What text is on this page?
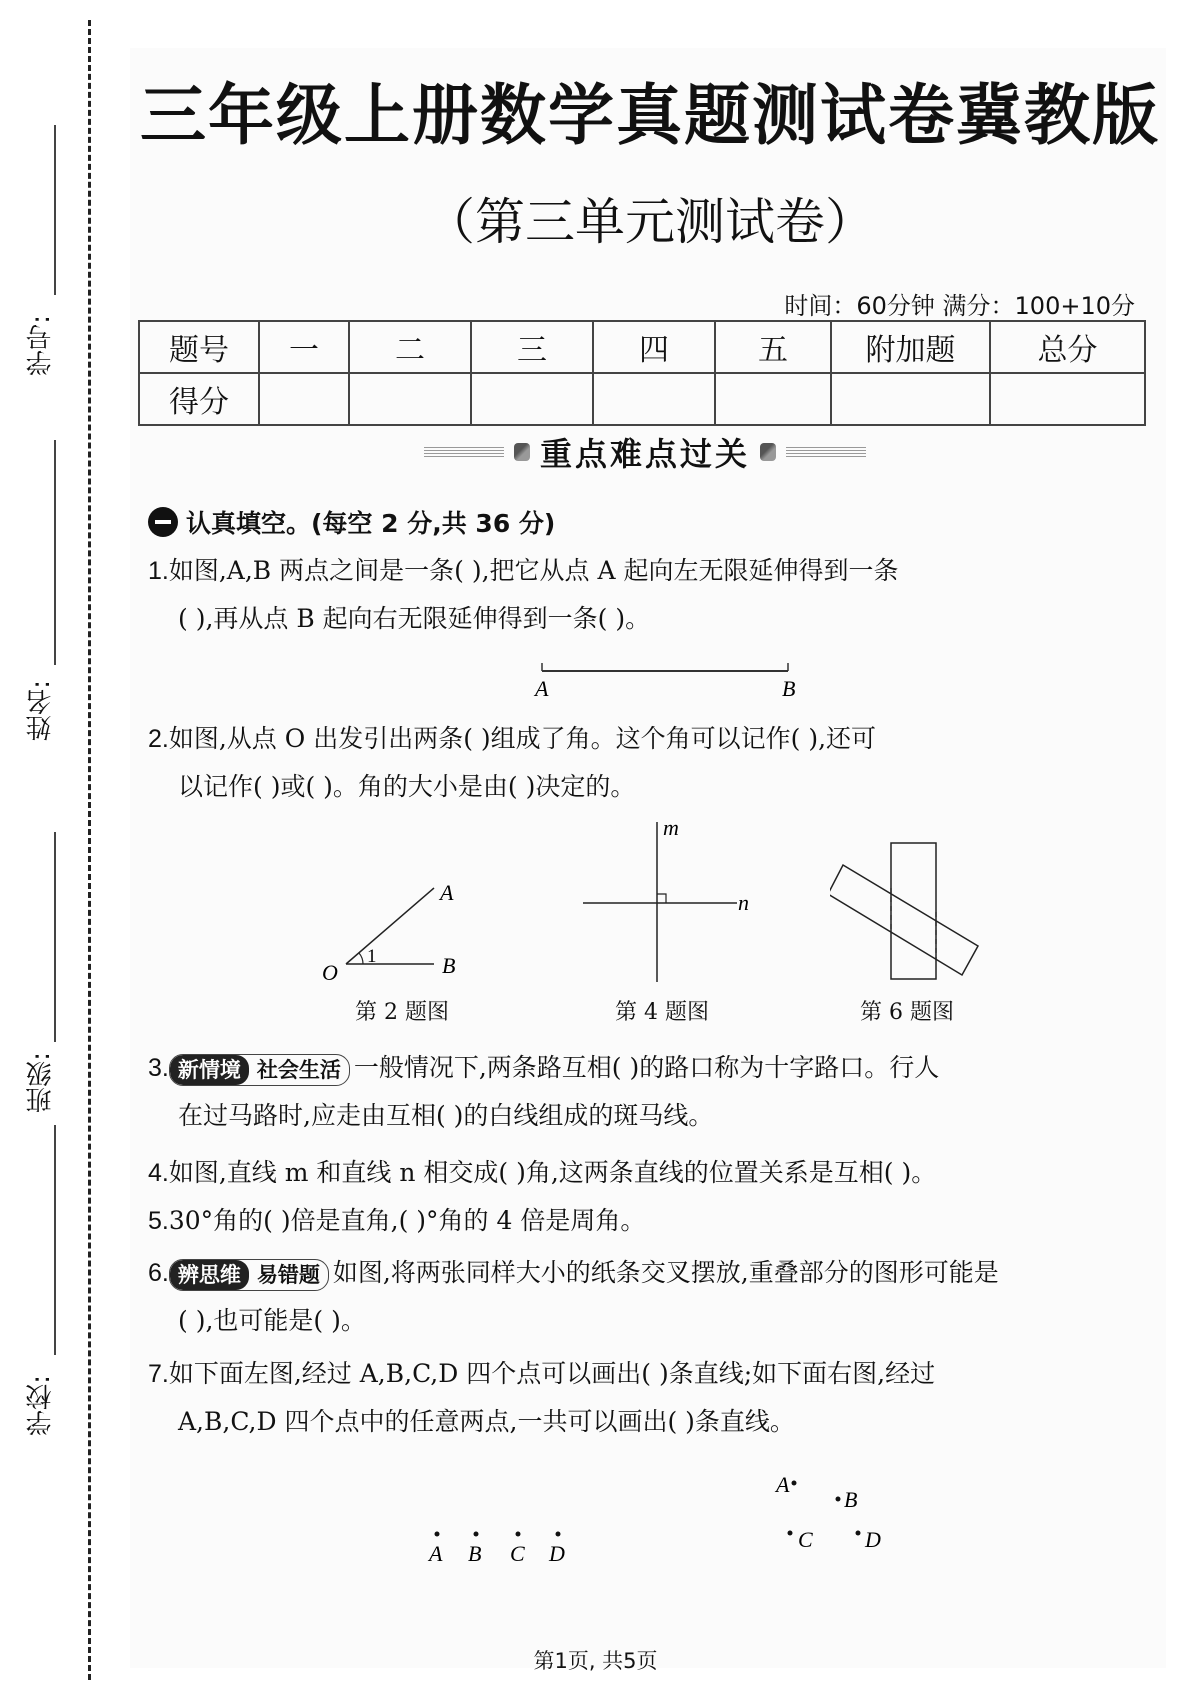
学号:
姓名:
班级:
学校:
三年级上册数学真题测试卷冀教版
（第三单元测试卷）
时间：60分钟 满分：100+10分
题号	一	二	三	四	五	附加题	总分
得分							
重点难点过关
认真填空。(每空 2 分,共 36 分)
1.如图,A,B 两点之间是一条( ),把它从点 A 起向左无限延伸得到一条
( ),再从点 B 起向右无限延伸得到一条( )。
A	B
2.如图,从点 O 出发引出两条( )组成了角。这个角可以记作( ),还可
以记作( )或( )。角的大小是由( )决定的。
A
O	B
1
第 2 题图
m
n
第 4 题图	第 6 题图
3. 新情境 社会生活 一般情况下,两条路互相( )的路口称为十字路口。行人
在过马路时,应走由互相( )的白线组成的斑马线。
4.如图,直线 m 和直线 n 相交成( )角,这两条直线的位置关系是互相( )。
5.30°角的( )倍是直角,( )°角的 4 倍是周角。
6. 辨思维 易错题 如图,将两张同样大小的纸条交叉摆放,重叠部分的图形可能是
( ),也可能是( )。
7.如下面左图,经过 A,B,C,D 四个点可以画出( )条直线;如下面右图,经过
A,B,C,D 四个点中的任意两点,一共可以画出( )条直线。
A B C D
A
B
C D
第1页, 共5页
